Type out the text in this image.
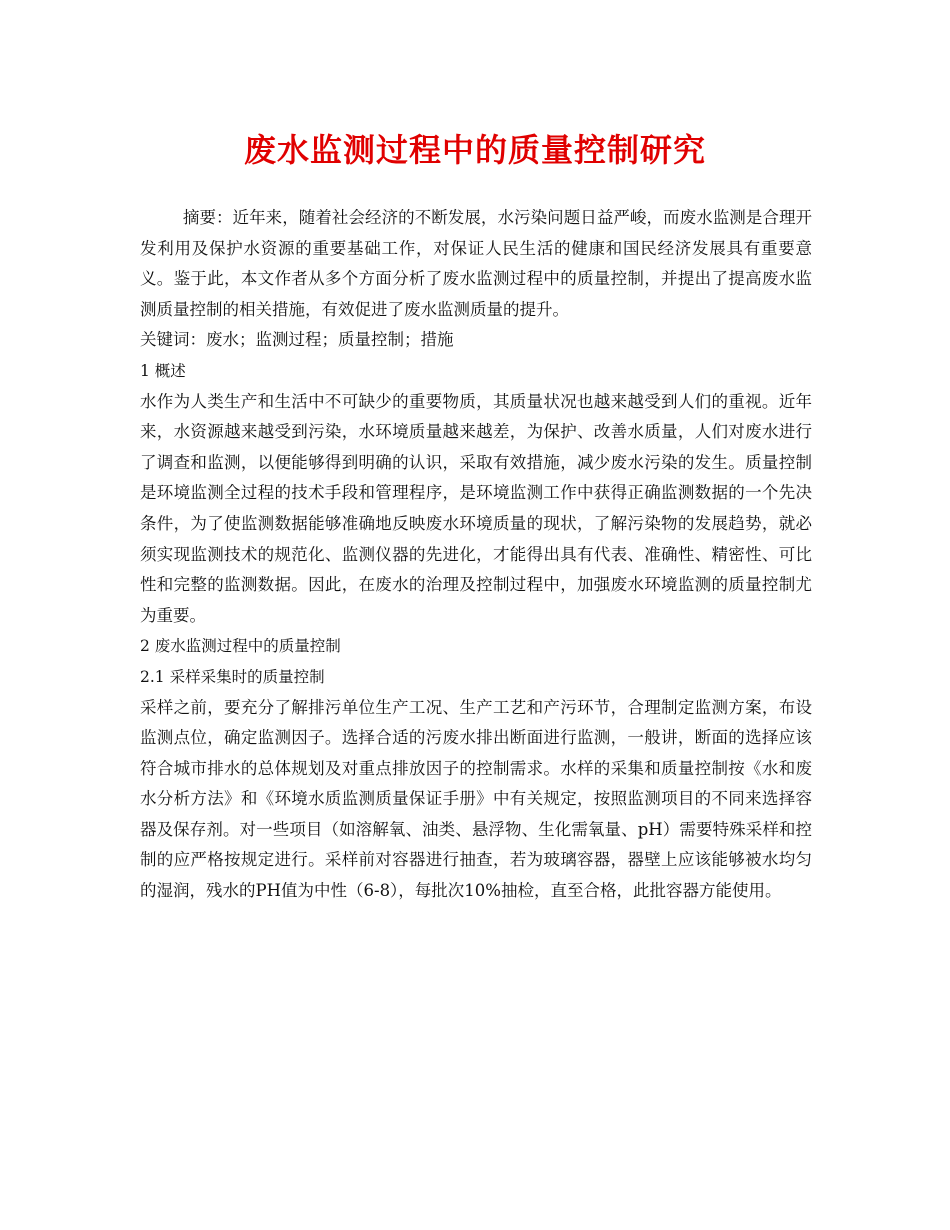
废水监测过程中的质量控制研究

摘要：近年来，随着社会经济的不断发展，水污染问题日益严峻，而废水监测是合理开发利用及保护水资源的重要基础工作，对保证人民生活的健康和国民经济发展具有重要意义。鉴于此，本文作者从多个方面分析了废水监测过程中的质量控制，并提出了提高废水监测质量控制的相关措施，有效促进了废水监测质量的提升。

关键词：废水；监测过程；质量控制；措施

1 概述

水作为人类生产和生活中不可缺少的重要物质，其质量状况也越来越受到人们的重视。近年来，水资源越来越受到污染，水环境质量越来越差，为保护、改善水质量，人们对废水进行了调查和监测，以便能够得到明确的认识，采取有效措施，减少废水污染的发生。质量控制是环境监测全过程的技术手段和管理程序，是环境监测工作中获得正确监测数据的一个先决条件，为了使监测数据能够准确地反映废水环境质量的现状，了解污染物的发展趋势，就必须实现监测技术的规范化、监测仪器的先进化，才能得出具有代表、准确性、精密性、可比性和完整的监测数据。因此，在废水的治理及控制过程中，加强废水环境监测的质量控制尤为重要。

2 废水监测过程中的质量控制

2.1 采样采集时的质量控制

采样之前，要充分了解排污单位生产工况、生产工艺和产污环节，合理制定监测方案，布设监测点位，确定监测因子。选择合适的污废水排出断面进行监测，一般讲，断面的选择应该符合城市排水的总体规划及对重点排放因子的控制需求。水样的采集和质量控制按《水和废水分析方法》和《环境水质监测质量保证手册》中有关规定，按照监测项目的不同来选择容器及保存剂。对一些项目（如溶解氧、油类、悬浮物、生化需氧量、pH）需要特殊采样和控制的应严格按规定进行。采样前对容器进行抽查，若为玻璃容器，器壁上应该能够被水均匀的湿润，残水的PH值为中性（6-8），每批次10%抽检，直至合格，此批容器方能使用。
